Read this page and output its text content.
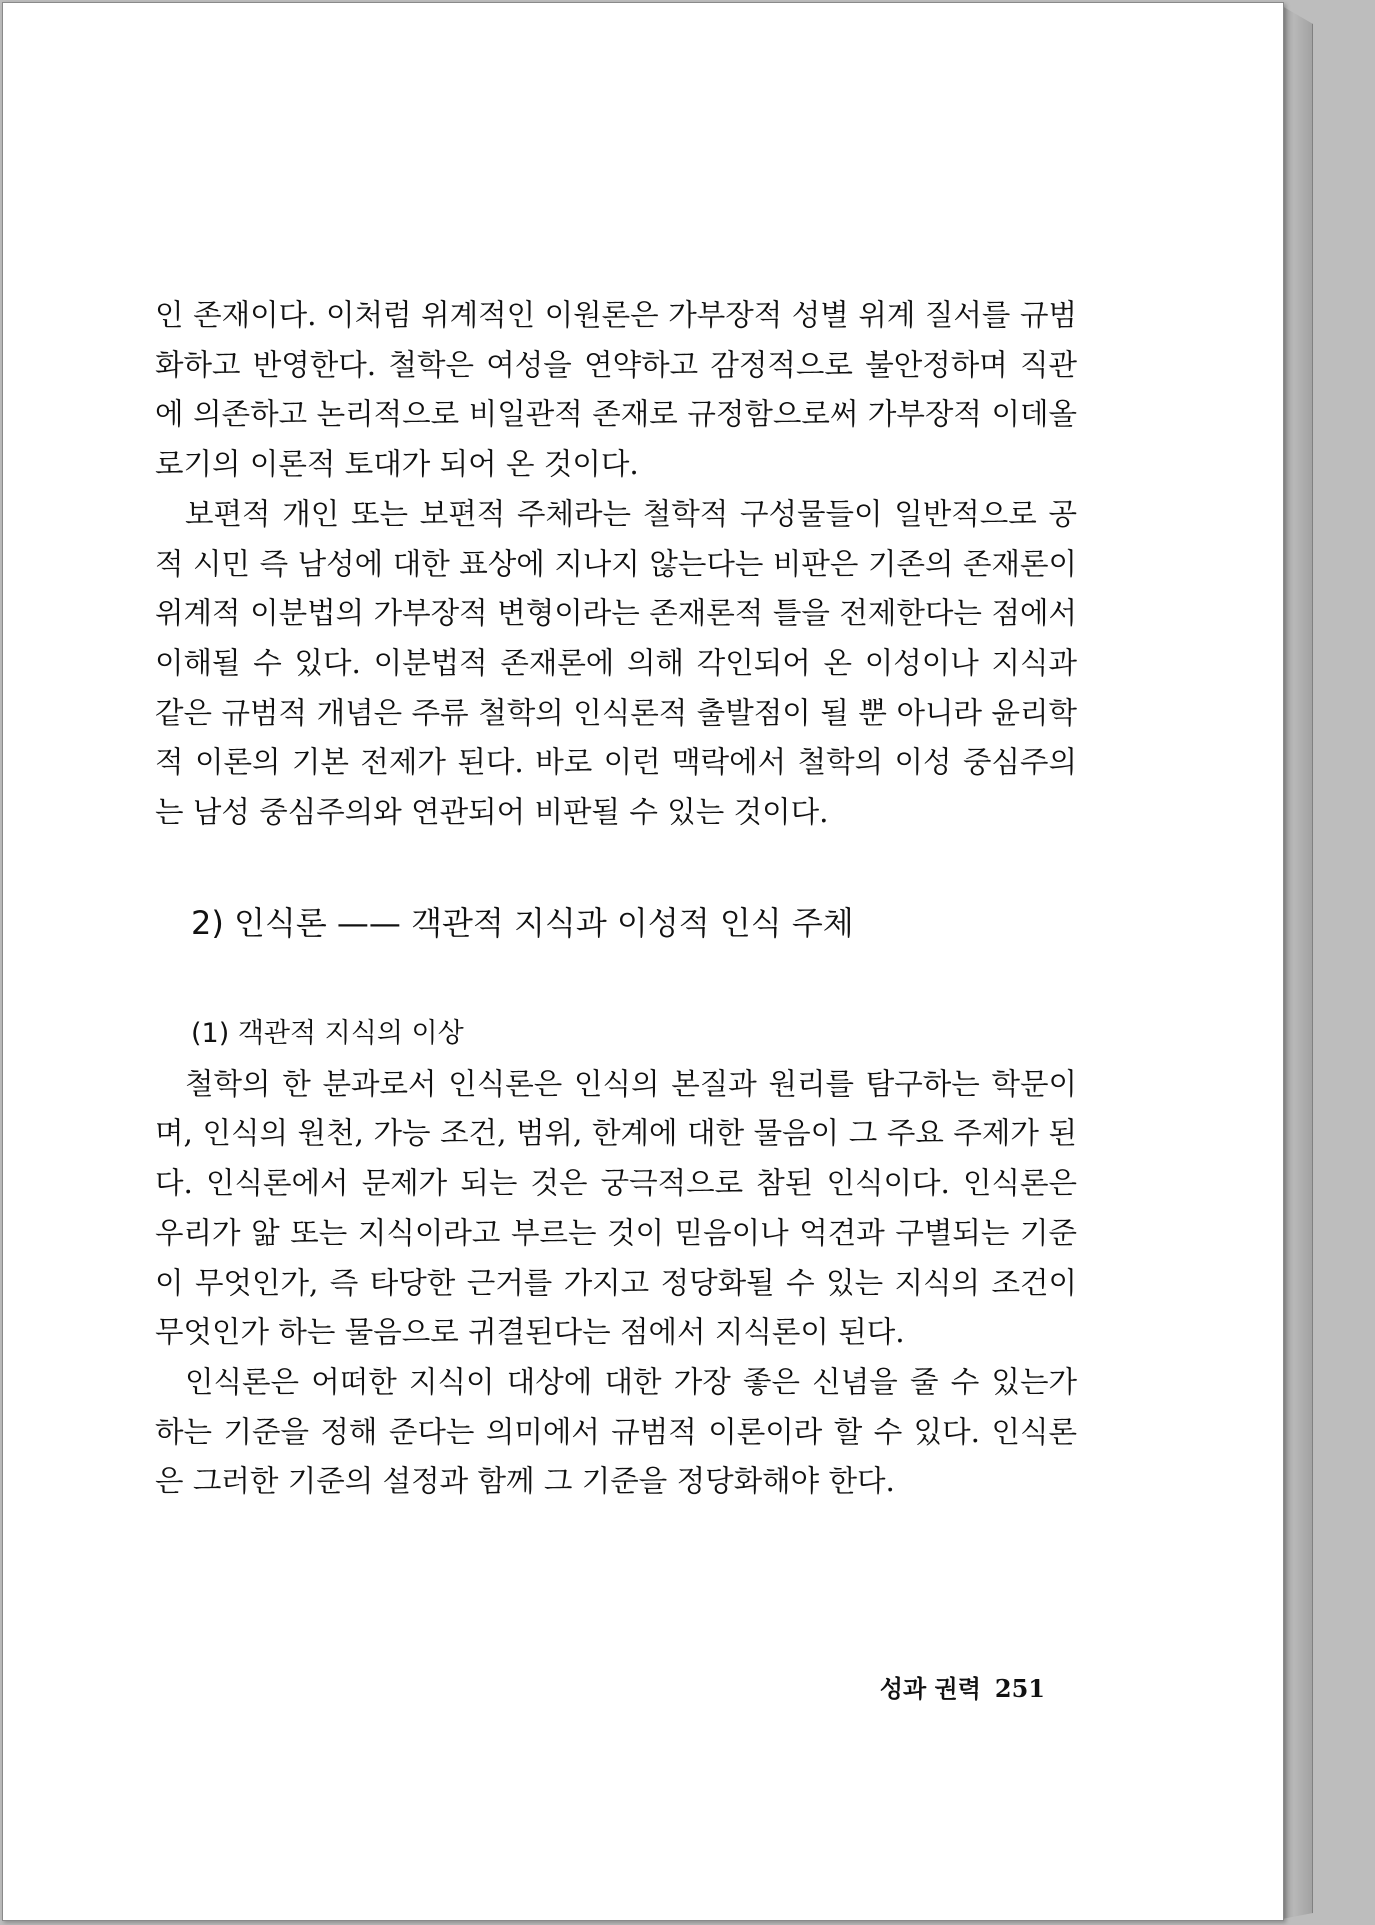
인 존재이다. 이처럼 위계적인 이원론은 가부장적 성별 위계 질서를 규범화하고 반영한다. 철학은 여성을 연약하고 감정적으로 불안정하며 직관에 의존하고 논리적으로 비일관적 존재로 규정함으로써 가부장적 이데올로기의 이론적 토대가 되어 온 것이다.

보편적 개인 또는 보편적 주체라는 철학적 구성물들이 일반적으로 공적 시민 즉 남성에 대한 표상에 지나지 않는다는 비판은 기존의 존재론이 위계적 이분법의 가부장적 변형이라는 존재론적 틀을 전제한다는 점에서 이해될 수 있다. 이분법적 존재론에 의해 각인되어 온 이성이나 지식과 같은 규범적 개념은 주류 철학의 인식론적 출발점이 될 뿐 아니라 윤리학적 이론의 기본 전제가 된다. 바로 이런 맥락에서 철학의 이성 중심주의는 남성 중심주의와 연관되어 비판될 수 있는 것이다.

2) 인식론 —— 객관적 지식과 이성적 인식 주체
(1) 객관적 지식의 이상

철학의 한 분과로서 인식론은 인식의 본질과 원리를 탐구하는 학문이며, 인식의 원천, 가능 조건, 범위, 한계에 대한 물음이 그 주요 주제가 된다. 인식론에서 문제가 되는 것은 궁극적으로 참된 인식이다. 인식론은 우리가 앎 또는 지식이라고 부르는 것이 믿음이나 억견과 구별되는 기준이 무엇인가, 즉 타당한 근거를 가지고 정당화될 수 있는 지식의 조건이 무엇인가 하는 물음으로 귀결된다는 점에서 지식론이 된다.

인식론은 어떠한 지식이 대상에 대한 가장 좋은 신념을 줄 수 있는가 하는 기준을 정해 준다는 의미에서 규범적 이론이라 할 수 있다. 인식론은 그러한 기준의 설정과 함께 그 기준을 정당화해야 한다.

성과 권력 251
